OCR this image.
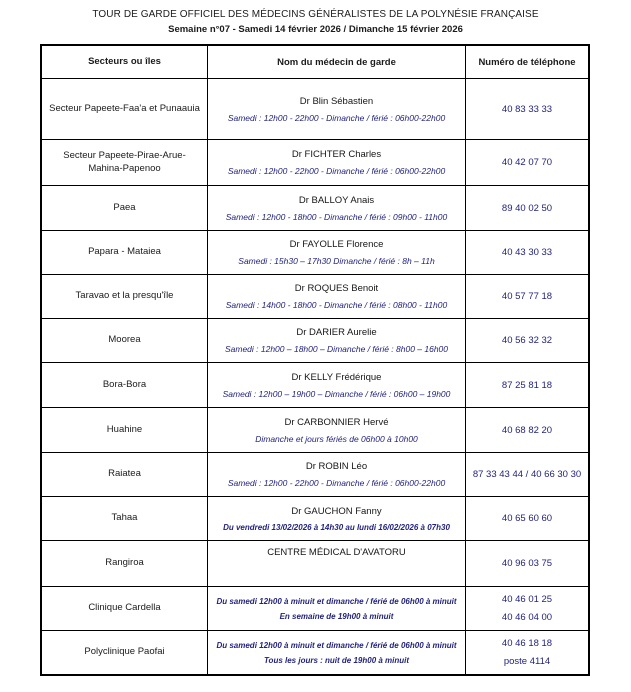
TOUR DE GARDE OFFICIEL DES MÉDECINS GÉNÉRALISTES DE LA POLYNÉSIE FRANÇAISE
Semaine n°07 - Samedi 14 février 2026 / Dimanche 15 février 2026
Secteurs ou îles	Nom du médecin de garde	Numéro de téléphone
Secteur Papeete-Faa'a et Punaauia
Dr Blin Sébastien
Samedi : 12h00 - 22h00 - Dimanche / férié : 06h00-22h00
40 83 33 33
Secteur Papeete-Pirae-Arue-Mahina-Papenoo
Dr FICHTER Charles
Samedi : 12h00 - 22h00 - Dimanche / férié : 06h00-22h00
40 42 07 70
Paea
Dr BALLOY Anais
Samedi : 12h00 - 18h00 - Dimanche / férié : 09h00 - 11h00
89 40 02 50
Papara - Mataiea
Dr FAYOLLE Florence
Samedi : 15h30 – 17h30 Dimanche / férié : 8h – 11h
40 43 30 33
Taravao et la presqu'île
Dr ROQUES Benoit
Samedi : 14h00 - 18h00 - Dimanche / férié : 08h00 - 11h00
40 57 77 18
Moorea
Dr DARIER Aurelie
Samedi : 12h00 – 18h00 – Dimanche / férié : 8h00 – 16h00
40 56 32 32
Bora-Bora
Dr KELLY Frédérique
Samedi : 12h00 – 19h00 – Dimanche / férié : 06h00 – 19h00
87 25 81 18
Huahine
Dr CARBONNIER Hervé
Dimanche et jours fériés de 06h00 à 10h00
40 68 82 20
Raiatea
Dr ROBIN Léo
Samedi : 12h00 - 22h00 - Dimanche / férié : 06h00-22h00
87 33 43 44 / 40 66 30 30
Tahaa
Dr GAUCHON Fanny
Du vendredi 13/02/2026 à 14h30 au lundi 16/02/2026 à 07h30
40 65 60 60
Rangiroa
CENTRE MÉDICAL D'AVATORU
40 96 03 75
Clinique Cardella
Du samedi 12h00 à minuit et dimanche / férié de 06h00 à minuit
En semaine de 19h00 à minuit
40 46 01 25
40 46 04 00
Polyclinique Paofai
Du samedi 12h00 à minuit et dimanche / férié de 06h00 à minuit
Tous les jours : nuit de 19h00 à minuit
40 46 18 18
poste 4114
